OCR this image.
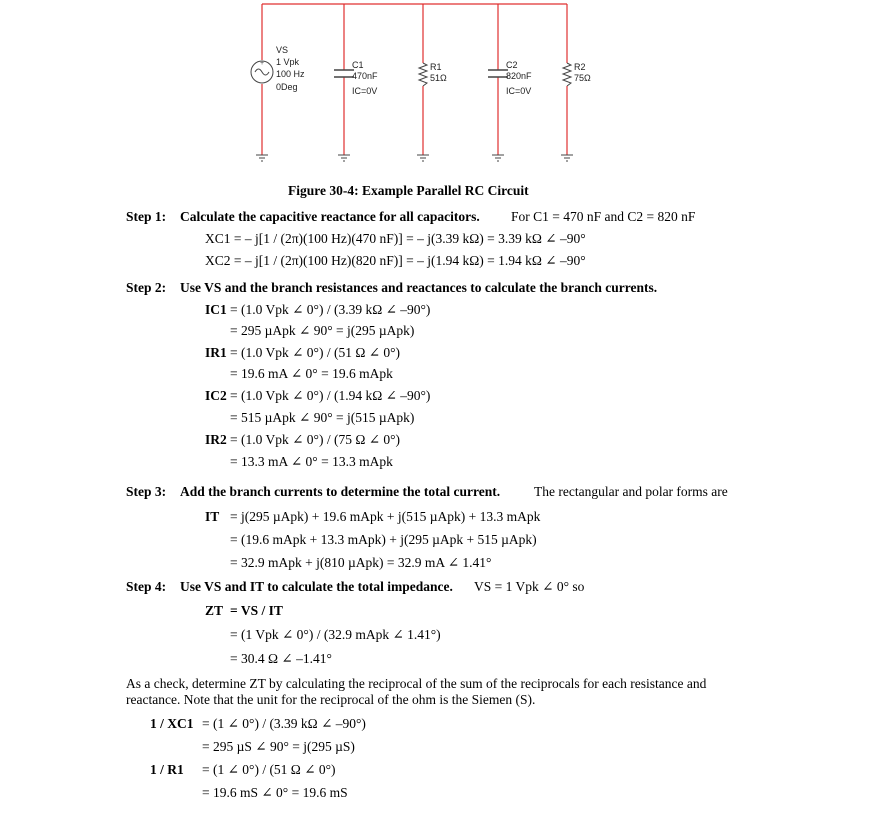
+
VS
1 Vpk
100 Hz
0Deg
C1
470nF
IC=0V
R1
51Ω
C2
820nF
IC=0V
R2
75Ω
Figure 30-4: Example Parallel RC Circuit
Step 1: Calculate the capacitive reactance for all capacitors. For C1 = 470 nF and C2 = 820 nF
XC1 = – j[1 / (2π)(100 Hz)(470 nF)] = – j(3.39 kΩ) = 3.39 kΩ ∠ –90°
XC2 = – j[1 / (2π)(100 Hz)(820 nF)] = – j(1.94 kΩ) = 1.94 kΩ ∠ –90°
Step 2: Use VS and the branch resistances and reactances to calculate the branch currents.
IC1 = (1.0 Vpk ∠ 0°) / (3.39 kΩ ∠ –90°)
= 295 µApk ∠ 90° = j(295 µApk)
IR1 = (1.0 Vpk ∠ 0°) / (51 Ω ∠ 0°)
= 19.6 mA ∠ 0° = 19.6 mApk
IC2 = (1.0 Vpk ∠ 0°) / (1.94 kΩ ∠ –90°)
= 515 µApk ∠ 90° = j(515 µApk)
IR2 = (1.0 Vpk ∠ 0°) / (75 Ω ∠ 0°)
= 13.3 mA ∠ 0° = 13.3 mApk
Step 3: Add the branch currents to determine the total current.	The rectangular and polar forms are
IT = j(295 µApk) + 19.6 mApk + j(515 µApk) + 13.3 mApk
= (19.6 mApk + 13.3 mApk) + j(295 µApk + 515 µApk)
= 32.9 mApk + j(810 µApk) = 32.9 mA ∠ 1.41°
Step 4: Use VS and IT to calculate the total impedance. VS = 1 Vpk ∠ 0° so
ZT = VS / IT
= (1 Vpk ∠ 0°) / (32.9 mApk ∠ 1.41°)
= 30.4 Ω ∠ –1.41°
As a check, determine ZT by calculating the reciprocal of the sum of the reciprocals for each resistance and
reactance. Note that the unit for the reciprocal of the ohm is the Siemen (S).
1 / XC1 = (1 ∠ 0°) / (3.39 kΩ ∠ –90°)
= 295 µS ∠ 90° = j(295 µS)
1 / R1 = (1 ∠ 0°) / (51 Ω ∠ 0°)
= 19.6 mS ∠ 0° = 19.6 mS
